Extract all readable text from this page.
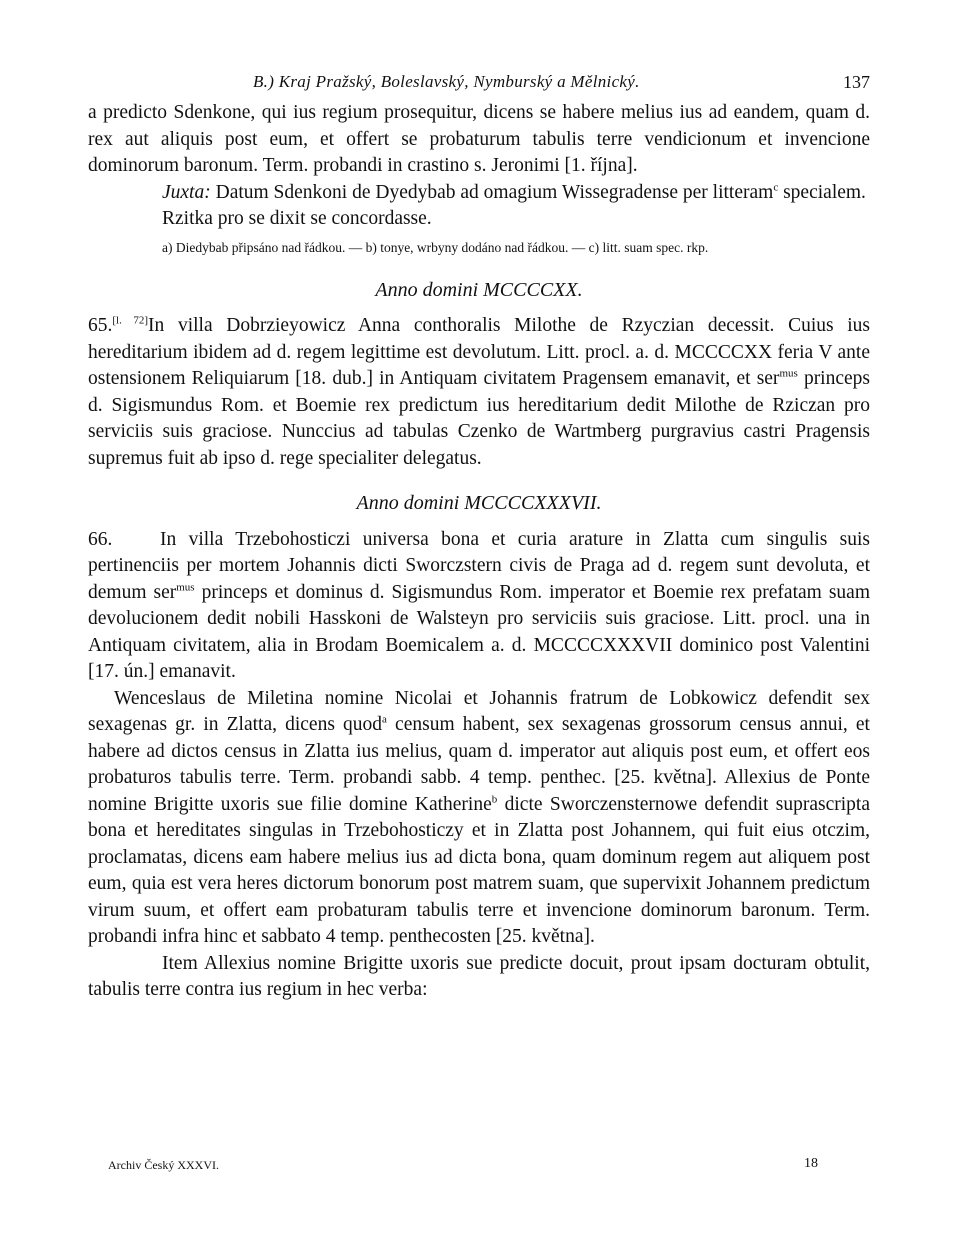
B.) Kraj Pražský, Boleslavský, Nymburský a Mělnický.	137

a predicto Sdenkone, qui ius regium prosequitur, dicens se habere melius ius ad eandem, quam d. rex aut aliquis post eum, et offert se probaturum tabulis terre vendicionum et invencione dominorum baronum. Term. probandi in crastino s. Jeronimi [1. října].

Juxta: Datum Sdenkoni de Dyedybab ad omagium Wissegradense per litteram$^c$ specialem.

Rzitka pro se dixit se concordasse.

a) Diedybab připsáno nad řádkou. — b) tonye, wrbyny dodáno nad řádkou. — c) litt. suam spec. rkp.

Anno domini MCCCCXX.

65.[l. 72]In villa Dobrzieyowicz Anna conthoralis Milothe de Rzyczian decessit. Cuius ius hereditarium ibidem ad d. regem legittime est devolutum. Litt. procl. a. d. MCCCCXX feria V ante ostensionem Reliquiarum [18. dub.] in Antiquam civitatem Pragensem emanavit, et ser$^{mus}$ princeps d. Sigismundus Rom. et Boemie rex predictum ius hereditarium dedit Milothe de Rziczan pro serviciis suis graciose. Nunccius ad tabulas Czenko de Wartmberg purgravius castri Pragensis supremus fuit ab ipso d. rege specialiter delegatus.

Anno domini MCCCCXXXVII.

66. In villa Trzebohosticzi universa bona et curia arature in Zlatta cum singulis suis pertinenciis per mortem Johannis dicti Sworczstern civis de Praga ad d. regem sunt devoluta, et demum ser$^{mus}$ princeps et dominus d. Sigismundus Rom. imperator et Boemie rex prefatam suam devolucionem dedit nobili Hasskoni de Walsteyn pro serviciis suis graciose. Litt. procl. una in Antiquam civitatem, alia in Brodam Boemicalem a. d. MCCCCXXXVII dominico post Valentini [17. ún.] emanavit.

Wenceslaus de Miletina nomine Nicolai et Johannis fratrum de Lobkowicz defendit sex sexagenas gr. in Zlatta, dicens quod$^a$ censum habent, sex sexagenas grossorum census annui, et habere ad dictos census in Zlatta ius melius, quam d. imperator aut aliquis post eum, et offert eos probaturos tabulis terre. Term. probandi sabb. 4 temp. penthec. [25. května]. Allexius de Ponte nomine Brigitte uxoris sue filie domine Katherine$^b$ dicte Sworczensternowe defendit suprascripta bona et hereditates singulas in Trzebohosticzy et in Zlatta post Johannem, qui fuit eius otczim, proclamatas, dicens eam habere melius ius ad dicta bona, quam dominum regem aut aliquem post eum, quia est vera heres dictorum bonorum post matrem suam, que supervixit Johannem predictum virum suum, et offert eam probaturam tabulis terre et invencione dominorum baronum. Term. probandi infra hinc et sabbato 4 temp. penthecosten [25. května].

Item Allexius nomine Brigitte uxoris sue predicte docuit, prout ipsam docturam obtulit, tabulis terre contra ius regium in hec verba:

Archiv Český XXXVI.	18
